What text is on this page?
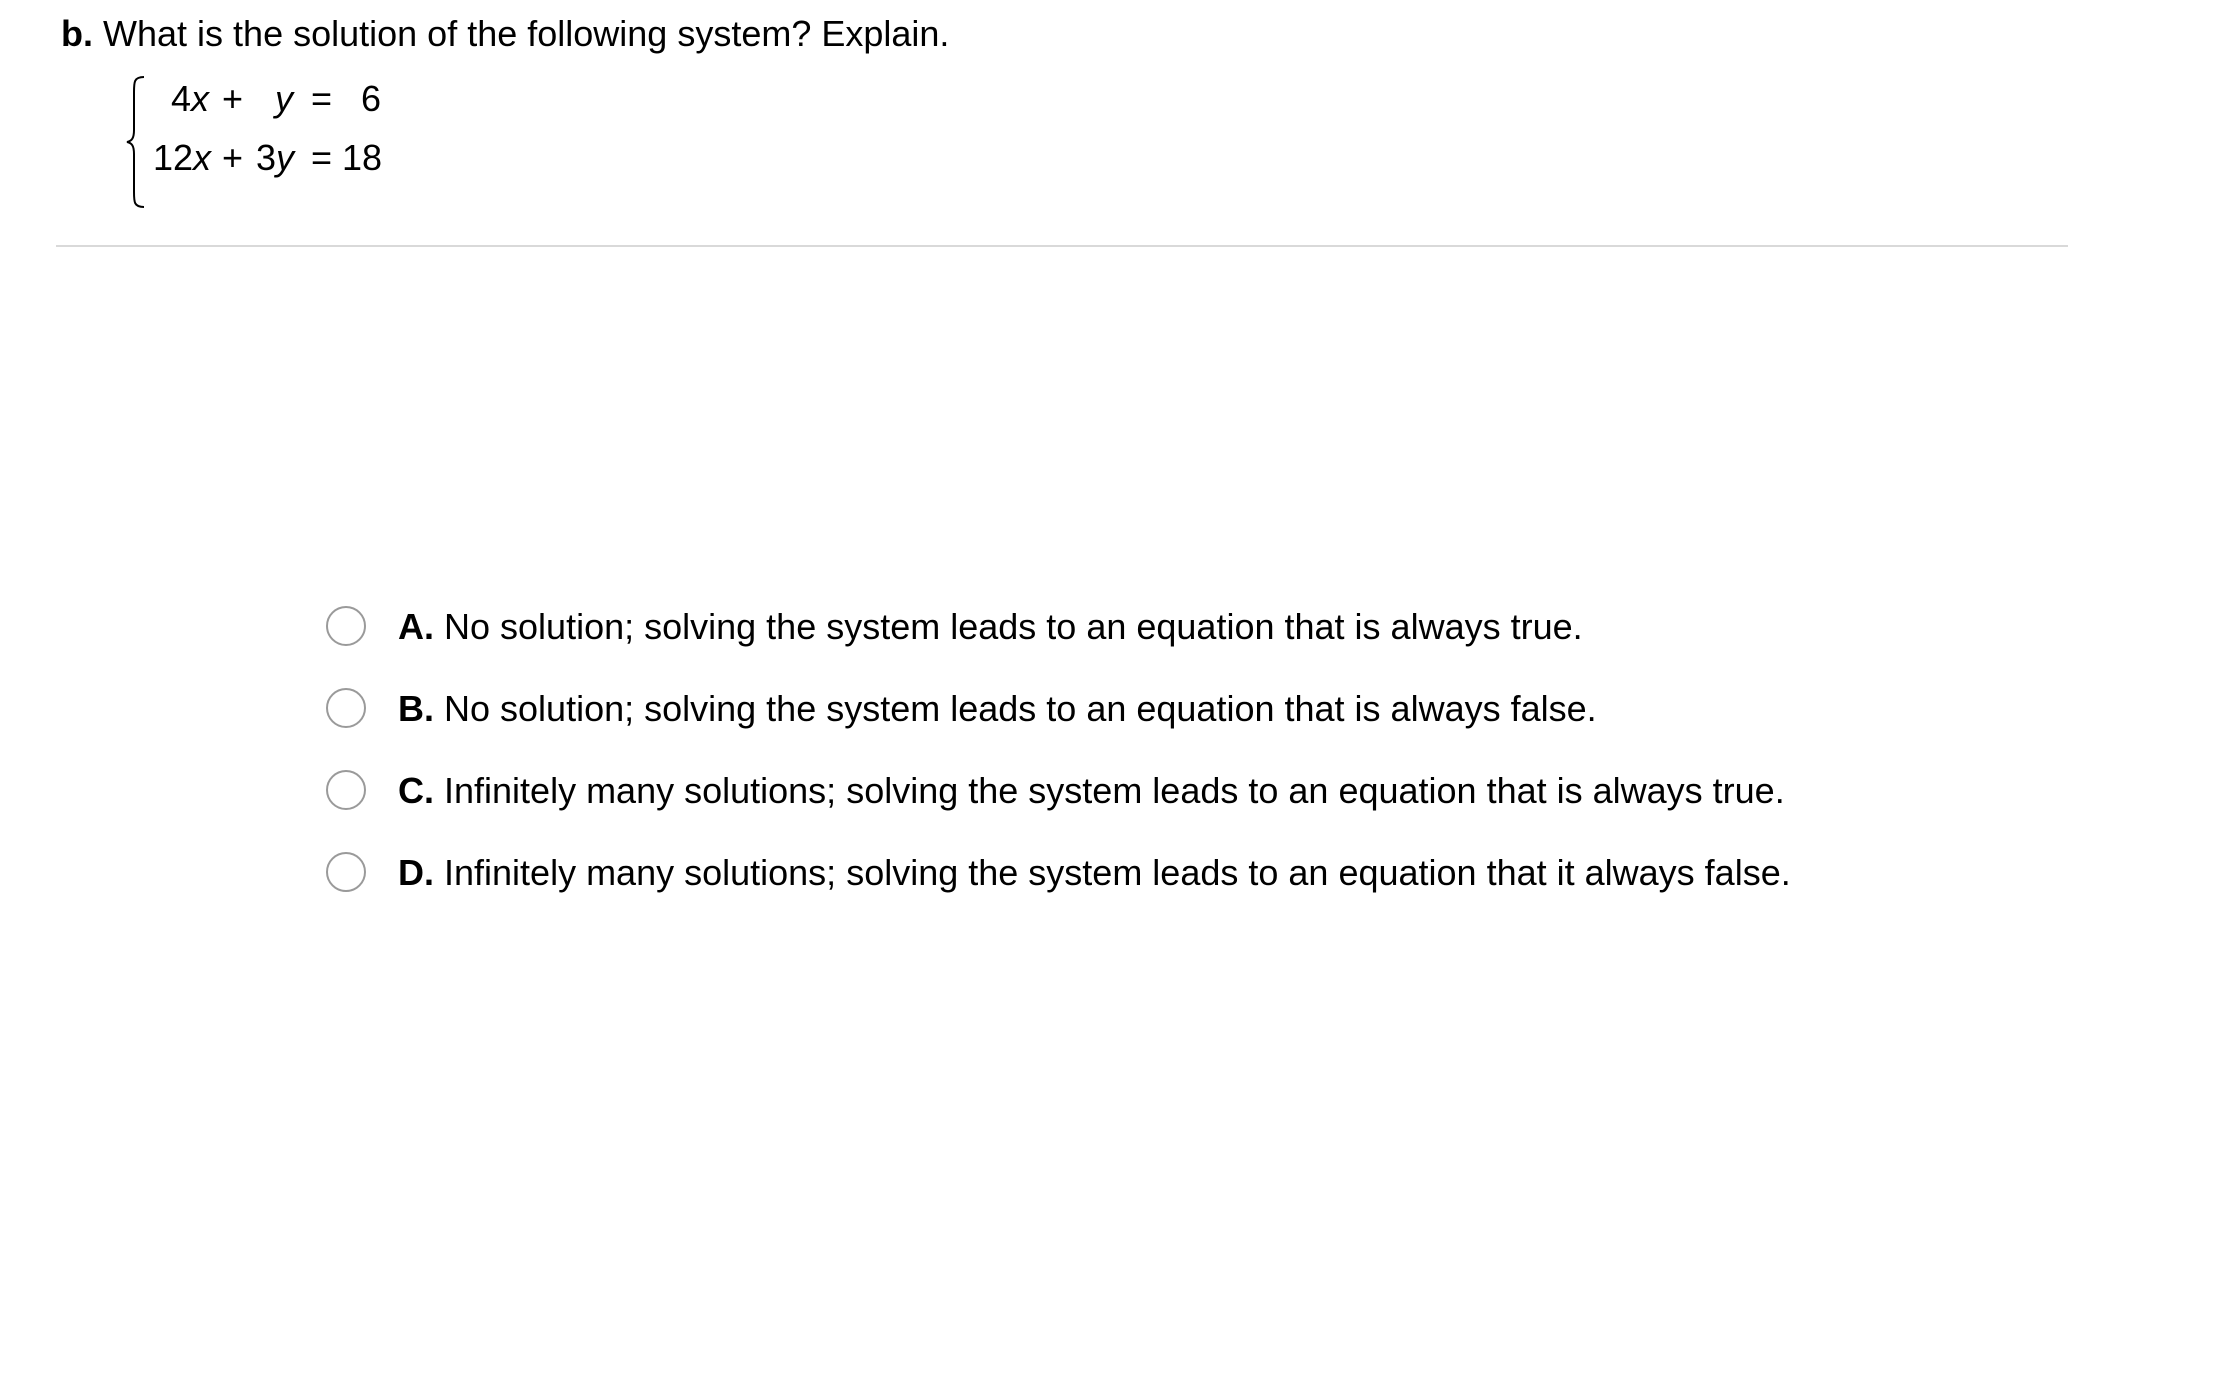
b. What is the solution of the following system? Explain.
4 x + y = 6
12 x + 3 y = 18
A. No solution; solving the system leads to an equation that is always true.
B. No solution; solving the system leads to an equation that is always false.
C. Infinitely many solutions; solving the system leads to an equation that is always true.
D. Infinitely many solutions; solving the system leads to an equation that it always false.
